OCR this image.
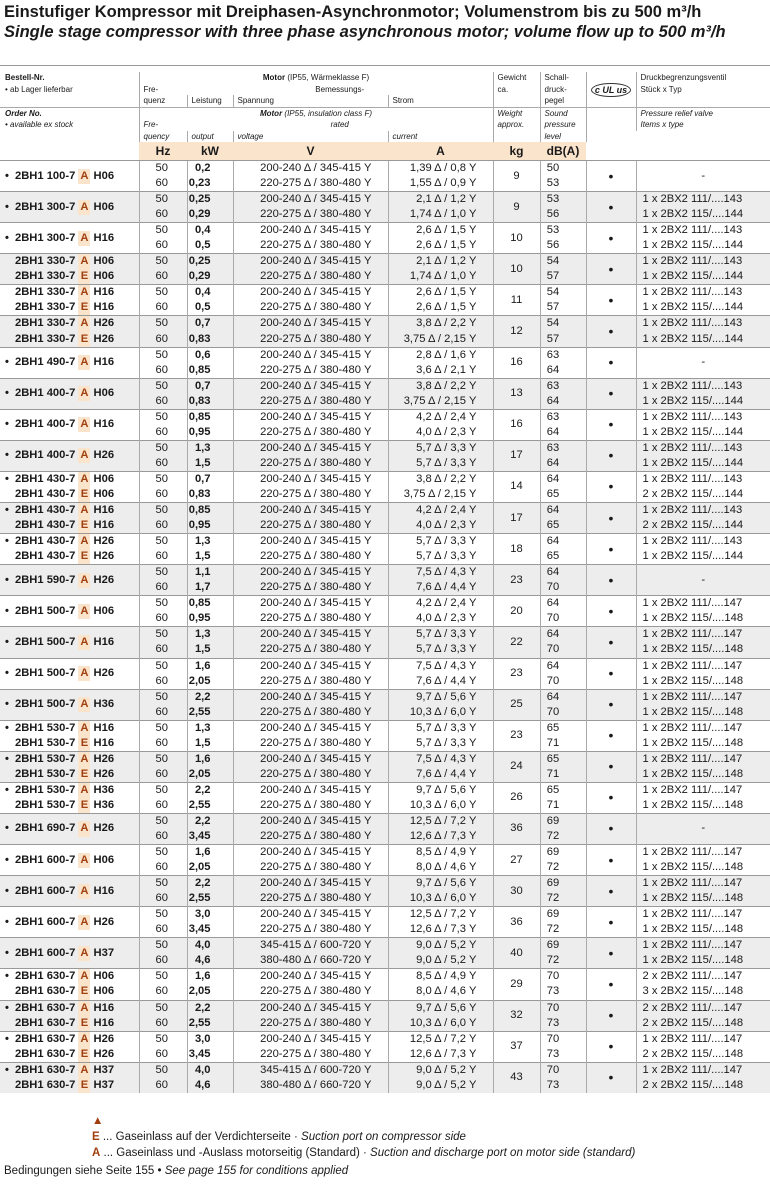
Einstufiger Kompressor mit Dreiphasen-Asynchronmotor; Volumenstrom bis zu 500 m³/h
Single stage compressor with three phase asynchronous motor; volume flow up to 500 m³/h
Bestell-Nr.	Motor (IP55, Wärmeklasse F)				Gewicht	Schall-	c UL us	Druckbegrenzungsventil
• ab Lager lieferbar	Fre-	Bemessungs-			ca.	druck-		Stück x Typ
	quenz	Leistung	Spannung	Strom		pegel		
Order No.	Motor (IP55, insulation class F)				Weight	Sound		Pressure relief valve
• available ex stock	Fre-	rated			approx.	pressure		Items x type
	quency	output	voltage	current		level		
	Hz	kW	V	A	kg	dB(A)		
• 2BH1 100-7 A H06	50	0,2	200-240 Δ / 345-415 Y	1,39 Δ / 0,8 Y	9	50	•	-
	60	0,23	220-275 Δ / 380-480 Y	1,55 Δ / 0,9 Y		53		
• 2BH1 300-7 A H06	50	0,25	200-240 Δ / 345-415 Y	2,1 Δ / 1,2 Y	9	53	•	1 x 2BX2 111/....143
	60	0,29	220-275 Δ / 380-480 Y	1,74 Δ / 1,0 Y		56		1 x 2BX2 115/....144
• 2BH1 300-7 A H16	50	0,4	200-240 Δ / 345-415 Y	2,6 Δ / 1,5 Y	10	53	•	1 x 2BX2 111/....143
	60	0,5	220-275 Δ / 380-480 Y	2,6 Δ / 1,5 Y		56		1 x 2BX2 115/....144
2BH1 330-7 A H06	50	0,25	200-240 Δ / 345-415 Y	2,1 Δ / 1,2 Y	10	54	•	1 x 2BX2 111/....143
2BH1 330-7 E H06	60	0,29	220-275 Δ / 380-480 Y	1,74 Δ / 1,0 Y		57		1 x 2BX2 115/....144
2BH1 330-7 A H16	50	0,4	200-240 Δ / 345-415 Y	2,6 Δ / 1,5 Y	11	54	•	1 x 2BX2 111/....143
2BH1 330-7 E H16	60	0,5	220-275 Δ / 380-480 Y	2,6 Δ / 1,5 Y		57		1 x 2BX2 115/....144
2BH1 330-7 A H26	50	0,7	200-240 Δ / 345-415 Y	3,8 Δ / 2,2 Y	12	54	•	1 x 2BX2 111/....143
2BH1 330-7 E H26	60	0,83	220-275 Δ / 380-480 Y	3,75 Δ / 2,15 Y		57		1 x 2BX2 115/....144
• 2BH1 490-7 A H16	50	0,6	200-240 Δ / 345-415 Y	2,8 Δ / 1,6 Y	16	63	•	-
	60	0,85	220-275 Δ / 380-480 Y	3,6 Δ / 2,1 Y		64		
• 2BH1 400-7 A H06	50	0,7	200-240 Δ / 345-415 Y	3,8 Δ / 2,2 Y	13	63	•	1 x 2BX2 111/....143
	60	0,83	220-275 Δ / 380-480 Y	3,75 Δ / 2,15 Y		64		1 x 2BX2 115/....144
• 2BH1 400-7 A H16	50	0,85	200-240 Δ / 345-415 Y	4,2 Δ / 2,4 Y	16	63	•	1 x 2BX2 111/....143
	60	0,95	220-275 Δ / 380-480 Y	4,0 Δ / 2,3 Y		64		1 x 2BX2 115/....144
• 2BH1 400-7 A H26	50	1,3	200-240 Δ / 345-415 Y	5,7 Δ / 3,3 Y	17	63	•	1 x 2BX2 111/....143
	60	1,5	220-275 Δ / 380-480 Y	5,7 Δ / 3,3 Y		64		1 x 2BX2 115/....144
• 2BH1 430-7 A H06	50	0,7	200-240 Δ / 345-415 Y	3,8 Δ / 2,2 Y	14	64	•	1 x 2BX2 111/....143
2BH1 430-7 E H06	60	0,83	220-275 Δ / 380-480 Y	3,75 Δ / 2,15 Y		65		2 x 2BX2 115/....144
• 2BH1 430-7 A H16	50	0,85	200-240 Δ / 345-415 Y	4,2 Δ / 2,4 Y	17	64	•	1 x 2BX2 111/....143
2BH1 430-7 E H16	60	0,95	220-275 Δ / 380-480 Y	4,0 Δ / 2,3 Y		65		2 x 2BX2 115/....144
• 2BH1 430-7 A H26	50	1,3	200-240 Δ / 345-415 Y	5,7 Δ / 3,3 Y	18	64	•	1 x 2BX2 111/....143
2BH1 430-7 E H26	60	1,5	220-275 Δ / 380-480 Y	5,7 Δ / 3,3 Y		65		1 x 2BX2 115/....144
• 2BH1 590-7 A H26	50	1,1	200-240 Δ / 345-415 Y	7,5 Δ / 4,3 Y	23	64	•	-
	60	1,7	220-275 Δ / 380-480 Y	7,6 Δ / 4,4 Y		70		
• 2BH1 500-7 A H06	50	0,85	200-240 Δ / 345-415 Y	4,2 Δ / 2,4 Y	20	64	•	1 x 2BX2 111/....147
	60	0,95	220-275 Δ / 380-480 Y	4,0 Δ / 2,3 Y		70		1 x 2BX2 115/....148
• 2BH1 500-7 A H16	50	1,3	200-240 Δ / 345-415 Y	5,7 Δ / 3,3 Y	22	64	•	1 x 2BX2 111/....147
	60	1,5	220-275 Δ / 380-480 Y	5,7 Δ / 3,3 Y		70		1 x 2BX2 115/....148
• 2BH1 500-7 A H26	50	1,6	200-240 Δ / 345-415 Y	7,5 Δ / 4,3 Y	23	64	•	1 x 2BX2 111/....147
	60	2,05	220-275 Δ / 380-480 Y	7,6 Δ / 4,4 Y		70		1 x 2BX2 115/....148
• 2BH1 500-7 A H36	50	2,2	200-240 Δ / 345-415 Y	9,7 Δ / 5,6 Y	25	64	•	1 x 2BX2 111/....147
	60	2,55	220-275 Δ / 380-480 Y	10,3 Δ / 6,0 Y		70		1 x 2BX2 115/....148
• 2BH1 530-7 A H16	50	1,3	200-240 Δ / 345-415 Y	5,7 Δ / 3,3 Y	23	65	•	1 x 2BX2 111/....147
2BH1 530-7 E H16	60	1,5	220-275 Δ / 380-480 Y	5,7 Δ / 3,3 Y		71		1 x 2BX2 115/....148
• 2BH1 530-7 A H26	50	1,6	200-240 Δ / 345-415 Y	7,5 Δ / 4,3 Y	24	65	•	1 x 2BX2 111/....147
2BH1 530-7 E H26	60	2,05	220-275 Δ / 380-480 Y	7,6 Δ / 4,4 Y		71		1 x 2BX2 115/....148
• 2BH1 530-7 A H36	50	2,2	200-240 Δ / 345-415 Y	9,7 Δ / 5,6 Y	26	65	•	1 x 2BX2 111/....147
2BH1 530-7 E H36	60	2,55	220-275 Δ / 380-480 Y	10,3 Δ / 6,0 Y		71		1 x 2BX2 115/....148
• 2BH1 690-7 A H26	50	2,2	200-240 Δ / 345-415 Y	12,5 Δ / 7,2 Y	36	69	•	-
	60	3,45	220-275 Δ / 380-480 Y	12,6 Δ / 7,3 Y		72		
• 2BH1 600-7 A H06	50	1,6	200-240 Δ / 345-415 Y	8,5 Δ / 4,9 Y	27	69	•	1 x 2BX2 111/....147
	60	2,05	220-275 Δ / 380-480 Y	8,0 Δ / 4,6 Y		72		1 x 2BX2 115/....148
• 2BH1 600-7 A H16	50	2,2	200-240 Δ / 345-415 Y	9,7 Δ / 5,6 Y	30	69	•	1 x 2BX2 111/....147
	60	2,55	220-275 Δ / 380-480 Y	10,3 Δ / 6,0 Y		72		1 x 2BX2 115/....148
• 2BH1 600-7 A H26	50	3,0	200-240 Δ / 345-415 Y	12,5 Δ / 7,2 Y	36	69	•	1 x 2BX2 111/....147
	60	3,45	220-275 Δ / 380-480 Y	12,6 Δ / 7,3 Y		72		1 x 2BX2 115/....148
• 2BH1 600-7 A H37	50	4,0	345-415 Δ / 600-720 Y	9,0 Δ / 5,2 Y	40	69	•	1 x 2BX2 111/....147
	60	4,6	380-480 Δ / 660-720 Y	9,0 Δ / 5,2 Y		72		1 x 2BX2 115/....148
• 2BH1 630-7 A H06	50	1,6	200-240 Δ / 345-415 Y	8,5 Δ / 4,9 Y	29	70	•	2 x 2BX2 111/....147
2BH1 630-7 E H06	60	2,05	220-275 Δ / 380-480 Y	8,0 Δ / 4,6 Y		73		3 x 2BX2 115/....148
• 2BH1 630-7 A H16	50	2,2	200-240 Δ / 345-415 Y	9,7 Δ / 5,6 Y	32	70	•	2 x 2BX2 111/....147
2BH1 630-7 E H16	60	2,55	220-275 Δ / 380-480 Y	10,3 Δ / 6,0 Y		73		2 x 2BX2 115/....148
• 2BH1 630-7 A H26	50	3,0	200-240 Δ / 345-415 Y	12,5 Δ / 7,2 Y	37	70	•	1 x 2BX2 111/....147
2BH1 630-7 E H26	60	3,45	220-275 Δ / 380-480 Y	12,6 Δ / 7,3 Y		73		2 x 2BX2 115/....148
• 2BH1 630-7 A H37	50	4,0	345-415 Δ / 600-720 Y	9,0 Δ / 5,2 Y	43	70	•	1 x 2BX2 111/....147
2BH1 630-7 E H37	60	4,6	380-480 Δ / 660-720 Y	9,0 Δ / 5,2 Y		73		2 x 2BX2 115/....148
▲
E ... Gaseinlass auf der Verdichterseite · Suction port on compressor side
A ... Gaseinlass und -Auslass motorseitig (Standard) · Suction and discharge port on motor side (standard)
Bedingungen siehe Seite 155 • See page 155 for conditions applied
